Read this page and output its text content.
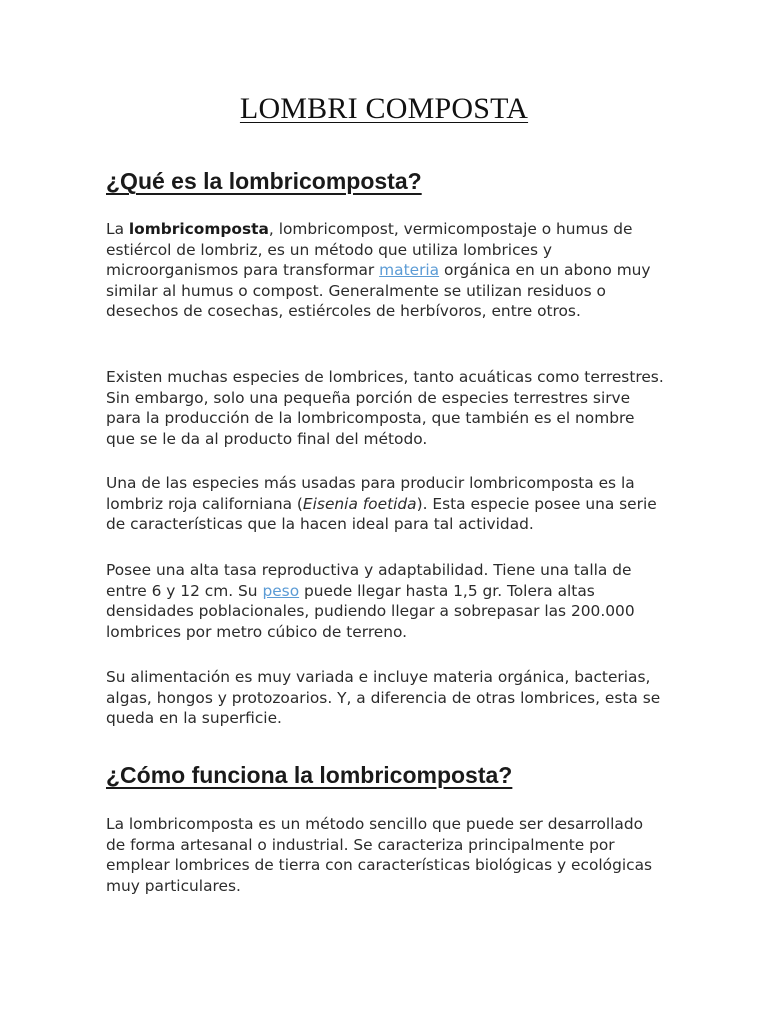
LOMBRI COMPOSTA
¿Qué es la lombricomposta?

La lombricomposta, lombricompost, vermicompostaje o humus de estiércol de lombriz, es un método que utiliza lombrices y microorganismos para transformar materia orgánica en un abono muy similar al humus o compost. Generalmente se utilizan residuos o desechos de cosechas, estiércoles de herbívoros, entre otros.

Existen muchas especies de lombrices, tanto acuáticas como terrestres. Sin embargo, solo una pequeña porción de especies terrestres sirve para la producción de la lombricomposta, que también es el nombre que se le da al producto final del método.

Una de las especies más usadas para producir lombricomposta es la lombriz roja californiana (Eisenia foetida). Esta especie posee una serie de características que la hacen ideal para tal actividad.

Posee una alta tasa reproductiva y adaptabilidad. Tiene una talla de entre 6 y 12 cm. Su peso puede llegar hasta 1,5 gr. Tolera altas densidades poblacionales, pudiendo llegar a sobrepasar las 200.000 lombrices por metro cúbico de terreno.

Su alimentación es muy variada e incluye materia orgánica, bacterias, algas, hongos y protozoarios. Y, a diferencia de otras lombrices, esta se queda en la superficie.

¿Cómo funciona la lombricomposta?

La lombricomposta es un método sencillo que puede ser desarrollado de forma artesanal o industrial. Se caracteriza principalmente por emplear lombrices de tierra con características biológicas y ecológicas muy particulares.
